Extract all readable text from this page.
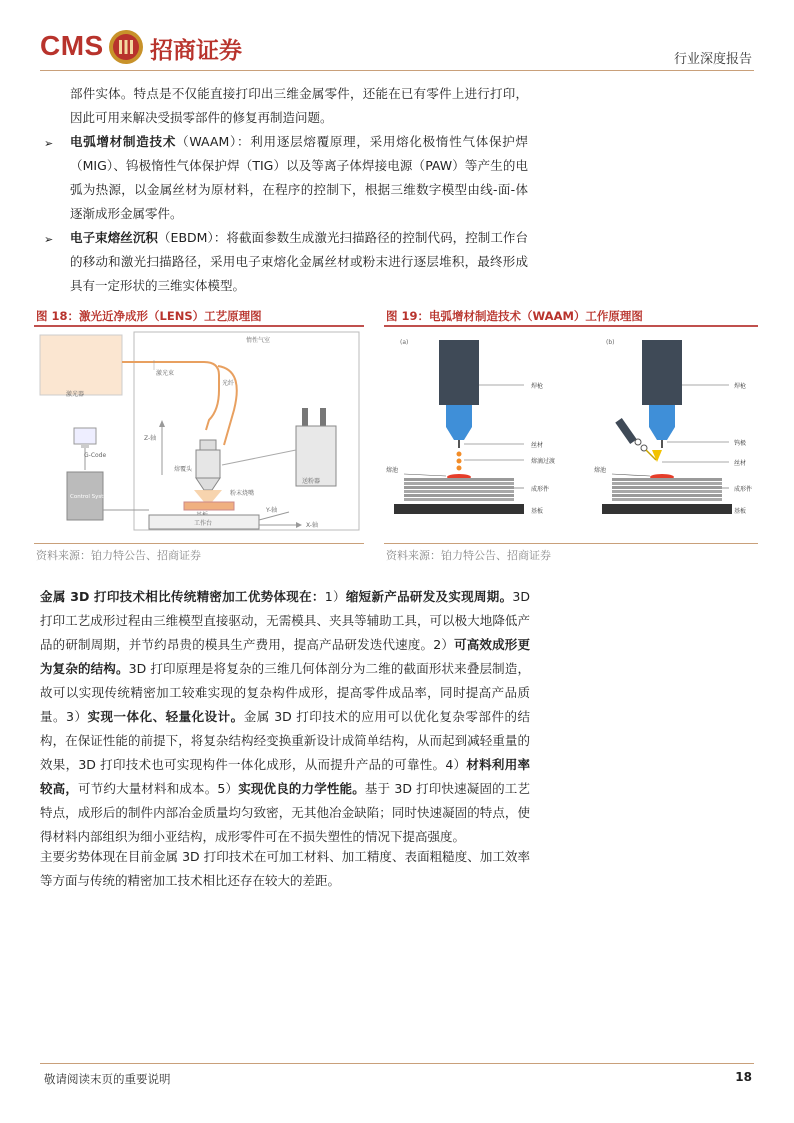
CMS 招商证券	行业深度报告

部件实体。特点是不仅能直接打印出三维金属零件，还能在已有零件上进行打印，因此可用来解决受损零部件的修复再制造问题。

➢ 电弧增材制造技术（WAAM）：利用逐层熔覆原理，采用熔化极惰性气体保护焊（MIG）、钨极惰性气体保护焊（TIG）以及等离子体焊接电源（PAW）等产生的电弧为热源，以金属丝材为原材料，在程序的控制下，根据三维数字模型由线-面-体逐渐成形金属零件。

➢ 电子束熔丝沉积（EBDM）：将截面参数生成激光扫描路径的控制代码，控制工作台的移动和激光扫描路径，采用电子束熔化金属丝材或粉末进行逐层堆积，最终形成具有一定形状的三维实体模型。

图 18：激光近净成形（LENS）工艺原理图
惰性气室
激光器
光纤
激光束
Z-轴
G-Code
Control System
熔覆头
粉末烧嘴
送粉器
工作台
Y-轴
X-轴
资料来源：铂力特公告、招商证券
图 19：电弧增材制造技术（WAAM）工作原理图
(a)
焊枪
丝材
熔滴过渡
熔池
成形件
基板
(b)
焊枪
钨极
丝材
熔池
成形件
基板
资料来源：铂力特公告、招商证券

金属 3D 打印技术相比传统精密加工优势体现在：1）缩短新产品研发及实现周期。3D 打印工艺成形过程由三维模型直接驱动，无需模具、夹具等辅助工具，可以极大地降低产品的研制周期，并节约昂贵的模具生产费用，提高产品研发迭代速度。2）可高效成形更为复杂的结构。3D 打印原理是将复杂的三维几何体剖分为二维的截面形状来叠层制造，故可以实现传统精密加工较难实现的复杂构件成形，提高零件成品率，同时提高产品质量。3）实现一体化、轻量化设计。金属 3D 打印技术的应用可以优化复杂零部件的结构，在保证性能的前提下，将复杂结构经变换重新设计成简单结构，从而起到减轻重量的效果，3D 打印技术也可实现构件一体化成形，从而提升产品的可靠性。4）材料利用率较高，可节约大量材料和成本。5）实现优良的力学性能。基于 3D 打印快速凝固的工艺特点，成形后的制件内部冶金质量均匀致密，无其他冶金缺陷；同时快速凝固的特点，使得材料内部组织为细小亚结构，成形零件可在不损失塑性的情况下提高强度。

主要劣势体现在目前金属 3D 打印技术在可加工材料、加工精度、表面粗糙度、加工效率等方面与传统的精密加工技术相比还存在较大的差距。

敬请阅读末页的重要说明	18
